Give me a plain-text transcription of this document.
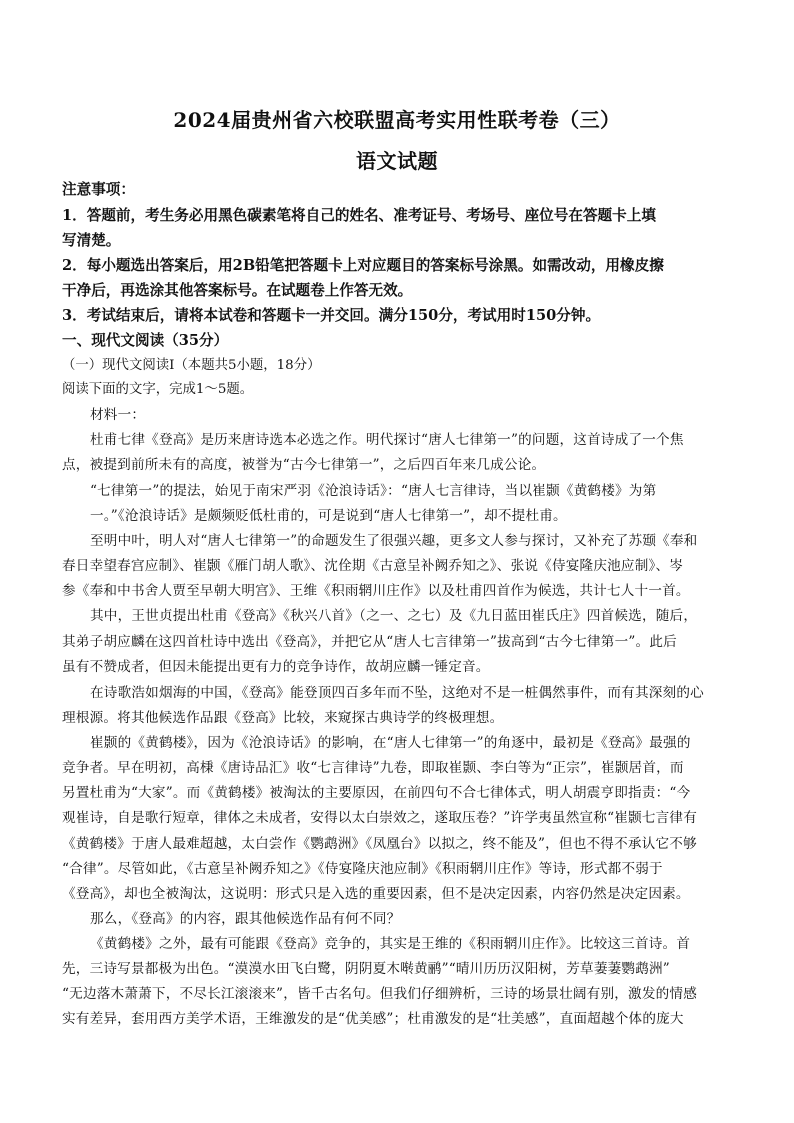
2024届贵州省六校联盟高考实用性联考卷（三）
语文试题
注意事项：
1．答题前，考生务必用黑色碳素笔将自己的姓名、准考证号、考场号、座位号在答题卡上填
写清楚。
2．每小题选出答案后，用2B铅笔把答题卡上对应题目的答案标号涂黑。如需改动，用橡皮擦
干净后，再选涂其他答案标号。在试题卷上作答无效。
3．考试结束后，请将本试卷和答题卡一并交回。满分150分，考试用时150分钟。
一、现代文阅读（35分）
（一）现代文阅读Ⅰ（本题共5小题，18分）
阅读下面的文字，完成1～5题。
材料一：
杜甫七律《登高》是历来唐诗选本必选之作。明代探讨“唐人七律第一”的问题，这首诗成了一个焦
点，被提到前所未有的高度，被誉为“古今七律第一”，之后四百年来几成公论。
“七律第一”的提法，始见于南宋严羽《沧浪诗话》：“唐人七言律诗，当以崔颢《黄鹤楼》为第
一。”《沧浪诗话》是颇频贬低杜甫的，可是说到“唐人七律第一”，却不提杜甫。
至明中叶，明人对“唐人七律第一”的命题发生了很强兴趣，更多文人参与探讨，又补充了苏颋《奉和
春日幸望春宫应制》、崔颢《雁门胡人歌》、沈佺期《古意呈补阙乔知之》、张说《侍宴隆庆池应制》、岑
参《奉和中书舍人贾至早朝大明宫》、王维《积雨辋川庄作》以及杜甫四首作为候选，共计七人十一首。
其中，王世贞提出杜甫《登高》《秋兴八首》（之一、之七）及《九日蓝田崔氏庄》四首候选，随后，
其弟子胡应麟在这四首杜诗中选出《登高》，并把它从“唐人七言律第一”拔高到“古今七律第一”。此后
虽有不赞成者，但因未能提出更有力的竞争诗作，故胡应麟一锤定音。
在诗歌浩如烟海的中国，《登高》能登顶四百多年而不坠，这绝对不是一桩偶然事件，而有其深刻的心
理根源。将其他候选作品跟《登高》比较，来窥探古典诗学的终极理想。
崔颢的《黄鹤楼》，因为《沧浪诗话》的影响，在“唐人七律第一”的角逐中，最初是《登高》最强的
竞争者。早在明初，高棅《唐诗品汇》收“七言律诗”九卷，即取崔颢、李白等为“正宗”，崔颢居首，而
另置杜甫为“大家”。而《黄鹤楼》被淘汰的主要原因，在前四句不合七律体式，明人胡震亨即指责：“今
观崔诗，自是歌行短章，律体之未成者，安得以太白崇效之，遂取压卷？”许学夷虽然宣称“崔颢七言律有
《黄鹤楼》于唐人最难超越，太白尝作《鹦鹉洲》《凤凰台》以拟之，终不能及”，但也不得不承认它不够
“合律”。尽管如此，《古意呈补阙乔知之》《侍宴隆庆池应制》《积雨辋川庄作》等诗，形式都不弱于
《登高》，却也全被淘汰，这说明：形式只是入选的重要因素，但不是决定因素，内容仍然是决定因素。
那么，《登高》的内容，跟其他候选作品有何不同？
《黄鹤楼》之外，最有可能跟《登高》竞争的，其实是王维的《积雨辋川庄作》。比较这三首诗。首
先，三诗写景都极为出色。“漠漠水田飞白鹭，阴阴夏木啭黄鹂”“晴川历历汉阳树，芳草萋萋鹦鹉洲”
“无边落木萧萧下，不尽长江滚滚来”，皆千古名句。但我们仔细辨析，三诗的场景壮阔有别，激发的情感
实有差异，套用西方美学术语，王维激发的是“优美感”；杜甫激发的是“壮美感”，直面超越个体的庞大
